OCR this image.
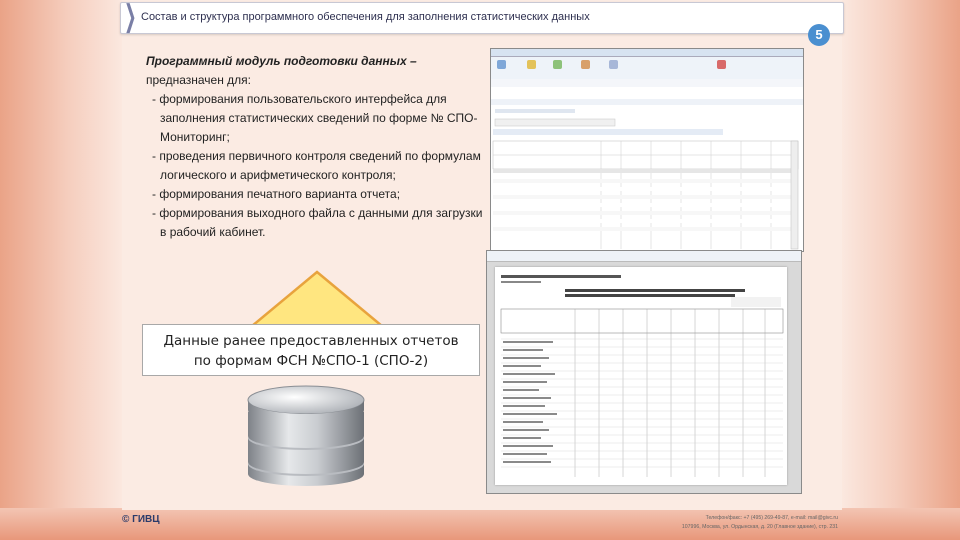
❯ Состав и структура программного обеспечения для заполнения статистических данных
5
Программный модуль подготовки данных –
предназначен для:
- формирования пользовательского интерфейса для заполнения статистических сведений по форме № СПО-Мониторинг;
- проведения первичного контроля сведений по формулам логического и арифметического контроля;
- формирования печатного варианта отчета;
- формирования выходного файла с данными для загрузки в рабочий кабинет.
Данные ранее предоставленных отчетов
по формам ФСН №СПО-1 (СПО-2)
© ГИВЦ	Телефон/факс: +7 (495) 269-49-87, e-mail: mail@givc.ru
107996, Москва, ул. Ордынская, д. 20 (Главное здание), стр. 231
